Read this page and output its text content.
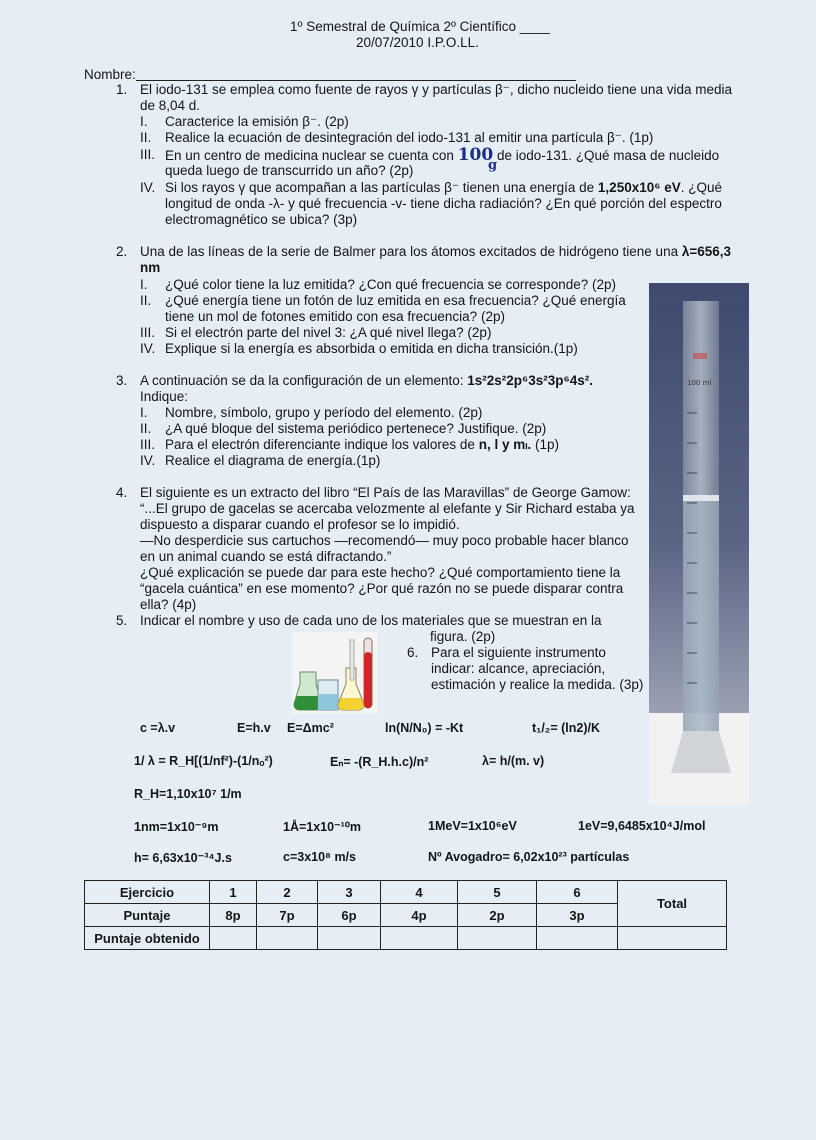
1º Semestral de Química 2º Científico ____
20/07/2010 I.P.O.LL.
Nombre:
1. El iodo-131 se emplea como fuente de rayos γ y partículas β⁻, dicho nucleido tiene una vida media
de 8,04 d.
I. Caracterice la emisión β⁻. (2p)
II. Realice la ecuación de desintegración del iodo-131 al emitir una partícula β⁻. (1p)
III. En un centro de medicina nuclear se cuenta con 100 de iodo-131. ¿Qué masa de nucleido
g
queda luego de transcurrido un año? (2p)
IV. Si los rayos γ que acompañan a las partículas β⁻ tienen una energía de 1,250x10⁶ eV. ¿Qué
longitud de onda -λ- y qué frecuencia -v- tiene dicha radiación? ¿En qué porción del espectro
electromagnético se ubica? (3p)
2. Una de las líneas de la serie de Balmer para los átomos excitados de hidrógeno tiene una λ=656,3
nm
I. ¿Qué color tiene la luz emitida? ¿Con qué frecuencia se corresponde? (2p)
II. ¿Qué energía tiene un fotón de luz emitida en esa frecuencia? ¿Qué energía
tiene un mol de fotones emitido con esa frecuencia? (2p)
III. Si el electrón parte del nivel 3: ¿A qué nivel llega? (2p)
IV. Explique si la energía es absorbida o emitida en dicha transición.(1p)
3. A continuación se da la configuración de un elemento: 1s²2s²2p⁶3s²3p⁶4s².
Indique:
I. Nombre, símbolo, grupo y período del elemento. (2p)
II. ¿A qué bloque del sistema periódico pertenece? Justifique. (2p)
III. Para el electrón diferenciante indique los valores de n, l y mₗ. (1p)
IV. Realice el diagrama de energía.(1p)
4. El siguiente es un extracto del libro “El País de las Maravillas” de George Gamow:
“...El grupo de gacelas se acercaba velozmente al elefante y Sir Richard estaba ya
dispuesto a disparar cuando el profesor se lo impidió.
—No desperdicie sus cartuchos —recomendó— muy poco probable hacer blanco
en un animal cuando se está difractando.”
¿Qué explicación se puede dar para este hecho? ¿Qué comportamiento tiene la
“gacela cuántica” en ese momento? ¿Por qué razón no se puede disparar contra
ella? (4p)
5. Indicar el nombre y uso de cada uno de los materiales que se muestran en la
figura. (2p)
6. Para el siguiente instrumento
indicar: alcance, apreciación,
estimación y realice la medida. (3p)
100 ml
c =λ.v	E=h.v E=Δmc²	ln(N/N₀) = -Kt	t₁/₂= (ln2)/K
1/ λ = R_H[(1/nf²)-(1/nₒ²)	Eₙ= -(R_H.h.c)/n²	λ= h/(m. v)
R_H=1,10x10⁷ 1/m
1nm=1x10⁻⁹m	1Å=1x10⁻¹⁰m	1MeV=1x10⁶eV	1eV=9,6485x10⁴J/mol
h= 6,63x10⁻³⁴J.s	c=3x10⁸ m/s	Nº Avogadro= 6,02x10²³ partículas
Ejercicio	1	2	3	4	5	6	Total
Puntaje	8p	7p	6p	4p	2p	3p	
Puntaje obtenido							
